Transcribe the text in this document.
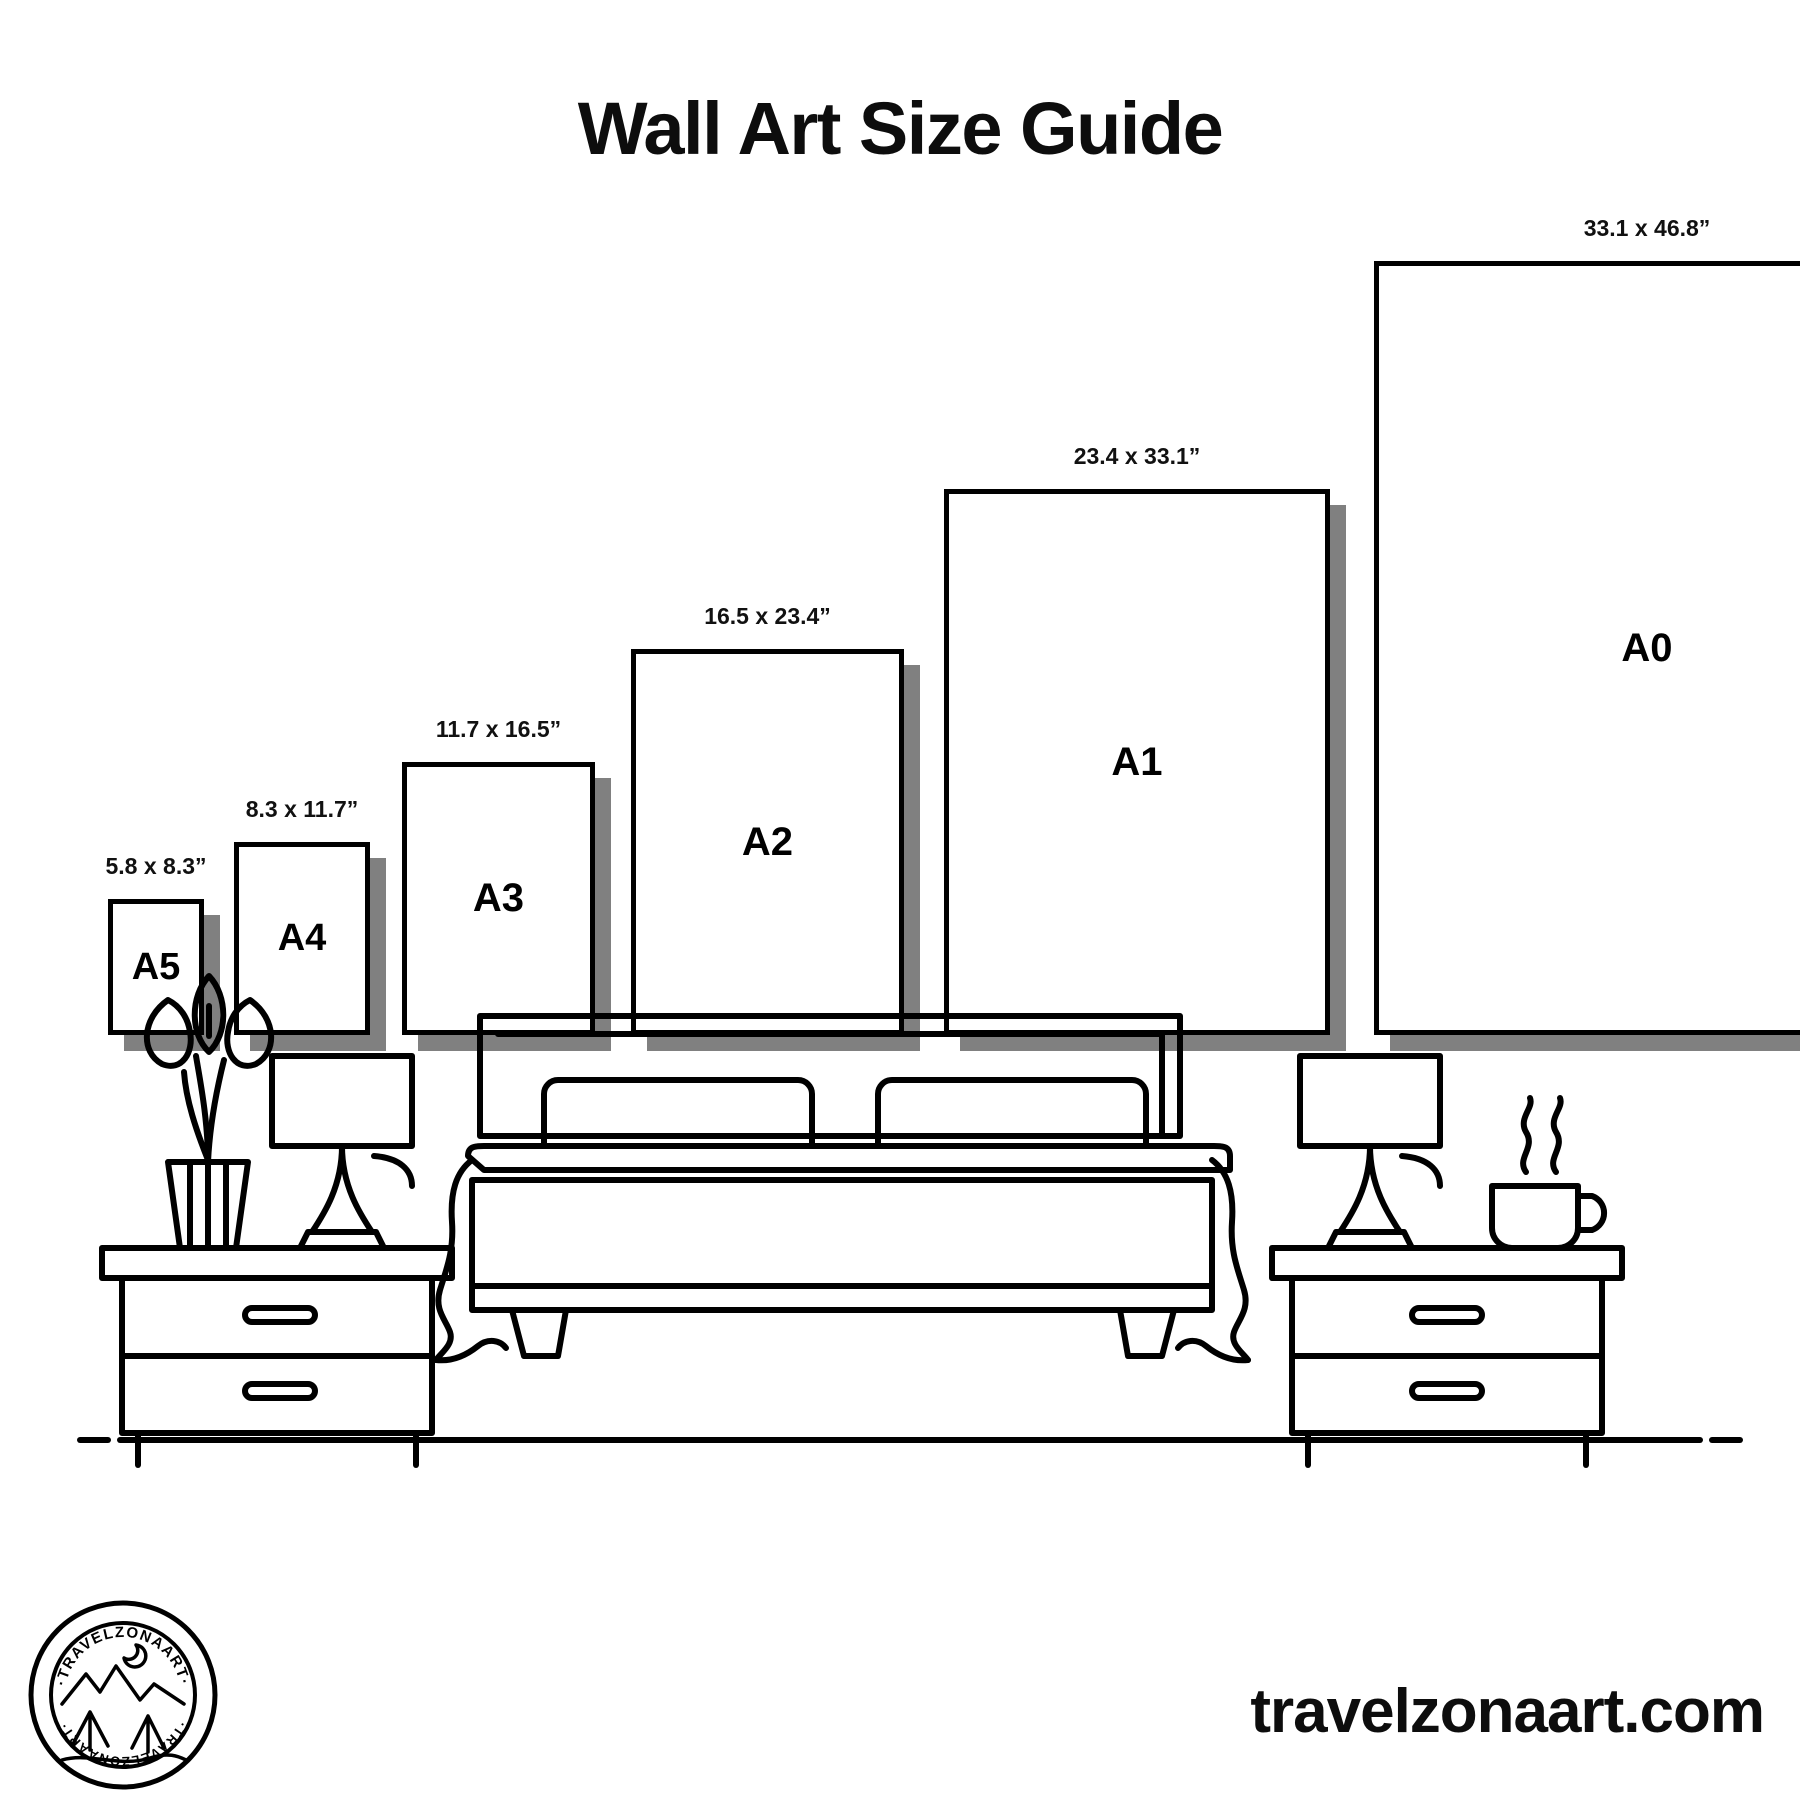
Wall Art Size Guide
A5
5.8 x 8.3”
A4
8.3 x 11.7”
A3
11.7 x 16.5”
A2
16.5 x 23.4”
A1
23.4 x 33.1”
A0
33.1 x 46.8”
·TRAVELZONAART·
·TRAVELZONAART·	travelzonaart.com
